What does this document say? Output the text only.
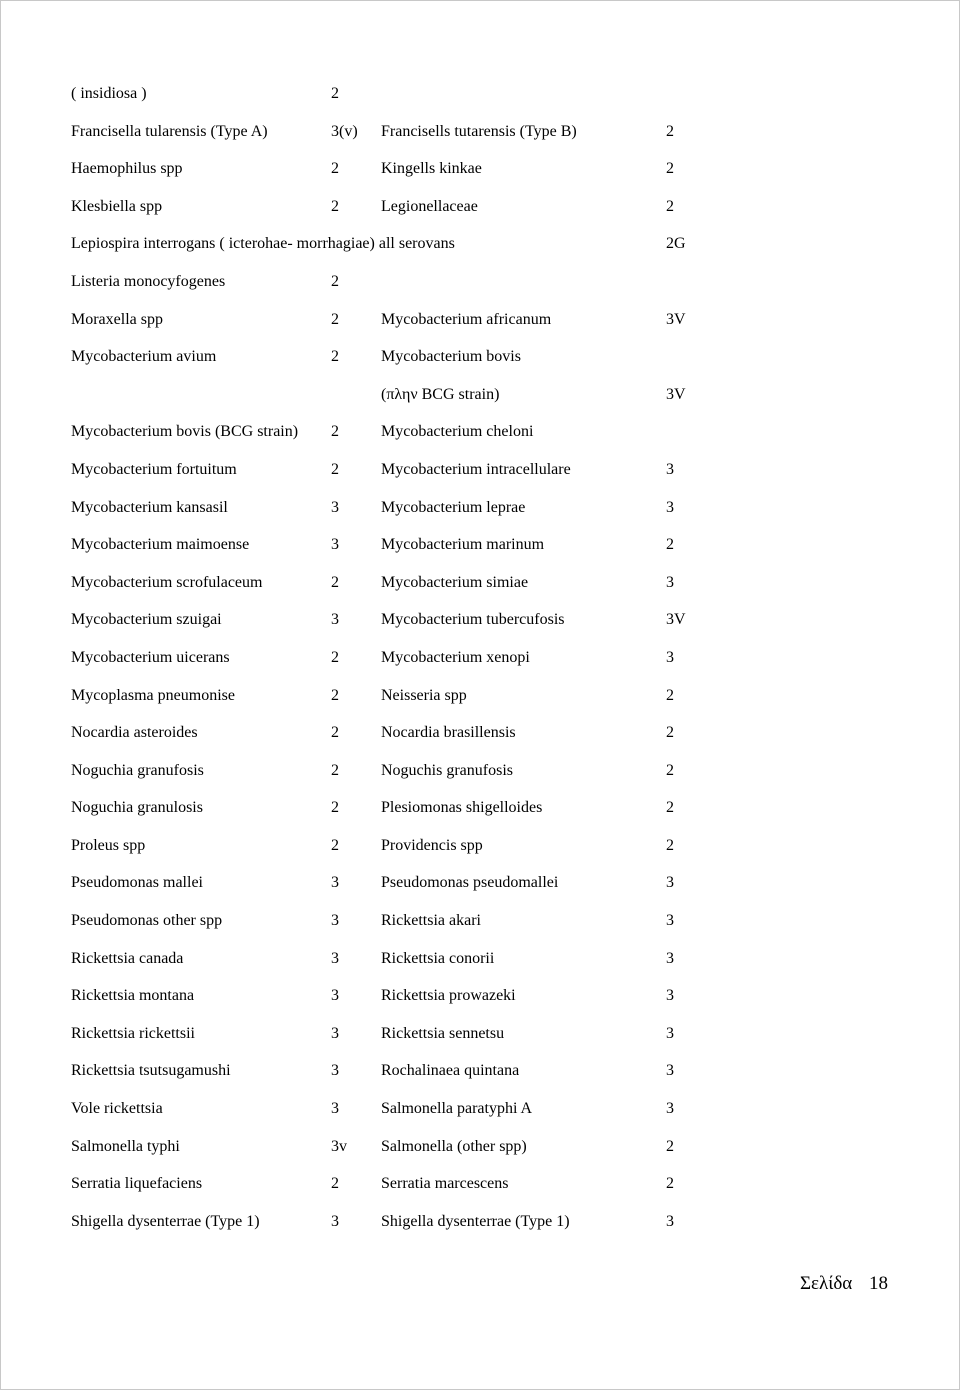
( insidiosa )	2
Francisella tularensis (Type A)	3(v) Francisells tutarensis (Type B)	2
Haemophilus spp	2	Kingells kinkae	2
Klesbiella spp	2	Legionellaceae	2
Lepiospira interrogans ( icterohae- morrhagiae) all serovans	2G
Listeria monocyfogenes	2
Moraxella spp	2	Mycobacterium africanum	3V
Mycobacterium avium	2	Mycobacterium bovis
(πλην BCG strain)	3V
Mycobacterium bovis (BCG strain) 2	Mycobacterium cheloni
Mycobacterium fortuitum	2	Mycobacterium intracellulare	3
Mycobacterium kansasil	3	Mycobacterium leprae	3
Mycobacterium maimoense	3	Mycobacterium marinum	2
Mycobacterium scrofulaceum	2	Mycobacterium simiae	3
Mycobacterium szuigai	3	Mycobacterium tubercufosis	3V
Mycobacterium uicerans	2	Mycobacterium xenopi	3
Mycoplasma pneumonise	2	Neisseria spp	2
Nocardia asteroides	2	Nocardia brasillensis	2
Noguchia granufosis	2	Noguchis granufosis	2
Noguchia granulosis	2	Plesiomonas shigelloides	2
Proleus spp	2	Providencis spp	2
Pseudomonas mallei	3	Pseudomonas pseudomallei	3
Pseudomonas other spp	3	Rickettsia akari	3
Rickettsia canada	3	Rickettsia conorii	3
Rickettsia montana	3	Rickettsia prowazeki	3
Rickettsia rickettsii	3	Rickettsia sennetsu	3
Rickettsia tsutsugamushi	3	Rochalinaea quintana	3
Vole rickettsia	3	Salmonella paratyphi A	3
Salmonella typhi	3v Salmonella (other spp)	2
Serratia liquefaciens	2	Serratia marcescens	2
Shigella dysenterrae (Type 1)	3	Shigella dysenterrae (Type 1)	3
Σελίδα 18
